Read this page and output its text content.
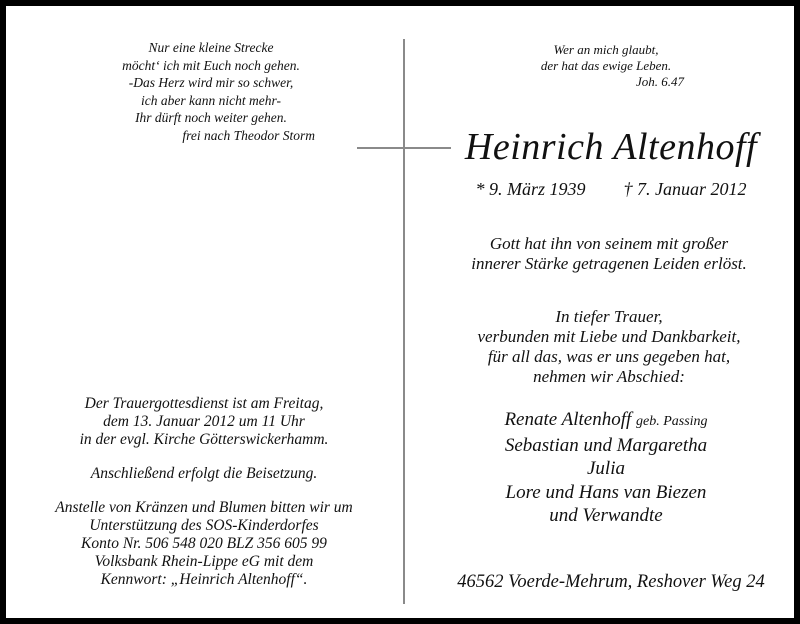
Nur eine kleine Strecke
möcht‘ ich mit Euch noch gehen.
-Das Herz wird mir so schwer,
ich aber kann nicht mehr-
Ihr dürft noch weiter gehen.
frei nach Theodor Storm
Der Trauergottesdienst ist am Freitag,
dem 13. Januar 2012 um 11 Uhr
in der evgl. Kirche Götterswickerhamm.
Anschließend erfolgt die Beisetzung.
Anstelle von Kränzen und Blumen bitten wir um
Unterstützung des SOS-Kinderdorfes
Konto Nr. 506 548 020 BLZ 356 605 99
Volksbank Rhein-Lippe eG mit dem
Kennwort: „Heinrich Altenhoff“.
Wer an mich glaubt,
der hat das ewige Leben.
Joh. 6.47
Heinrich Altenhoff
* 9. März 1939 † 7. Januar 2012
Gott hat ihn von seinem mit großer
innerer Stärke getragenen Leiden erlöst.
In tiefer Trauer,
verbunden mit Liebe und Dankbarkeit,
für all das, was er uns gegeben hat,
nehmen wir Abschied:
Renate Altenhoff geb. Passing
Sebastian und Margaretha
Julia
Lore und Hans van Biezen
und Verwandte
46562 Voerde-Mehrum, Reshover Weg 24
